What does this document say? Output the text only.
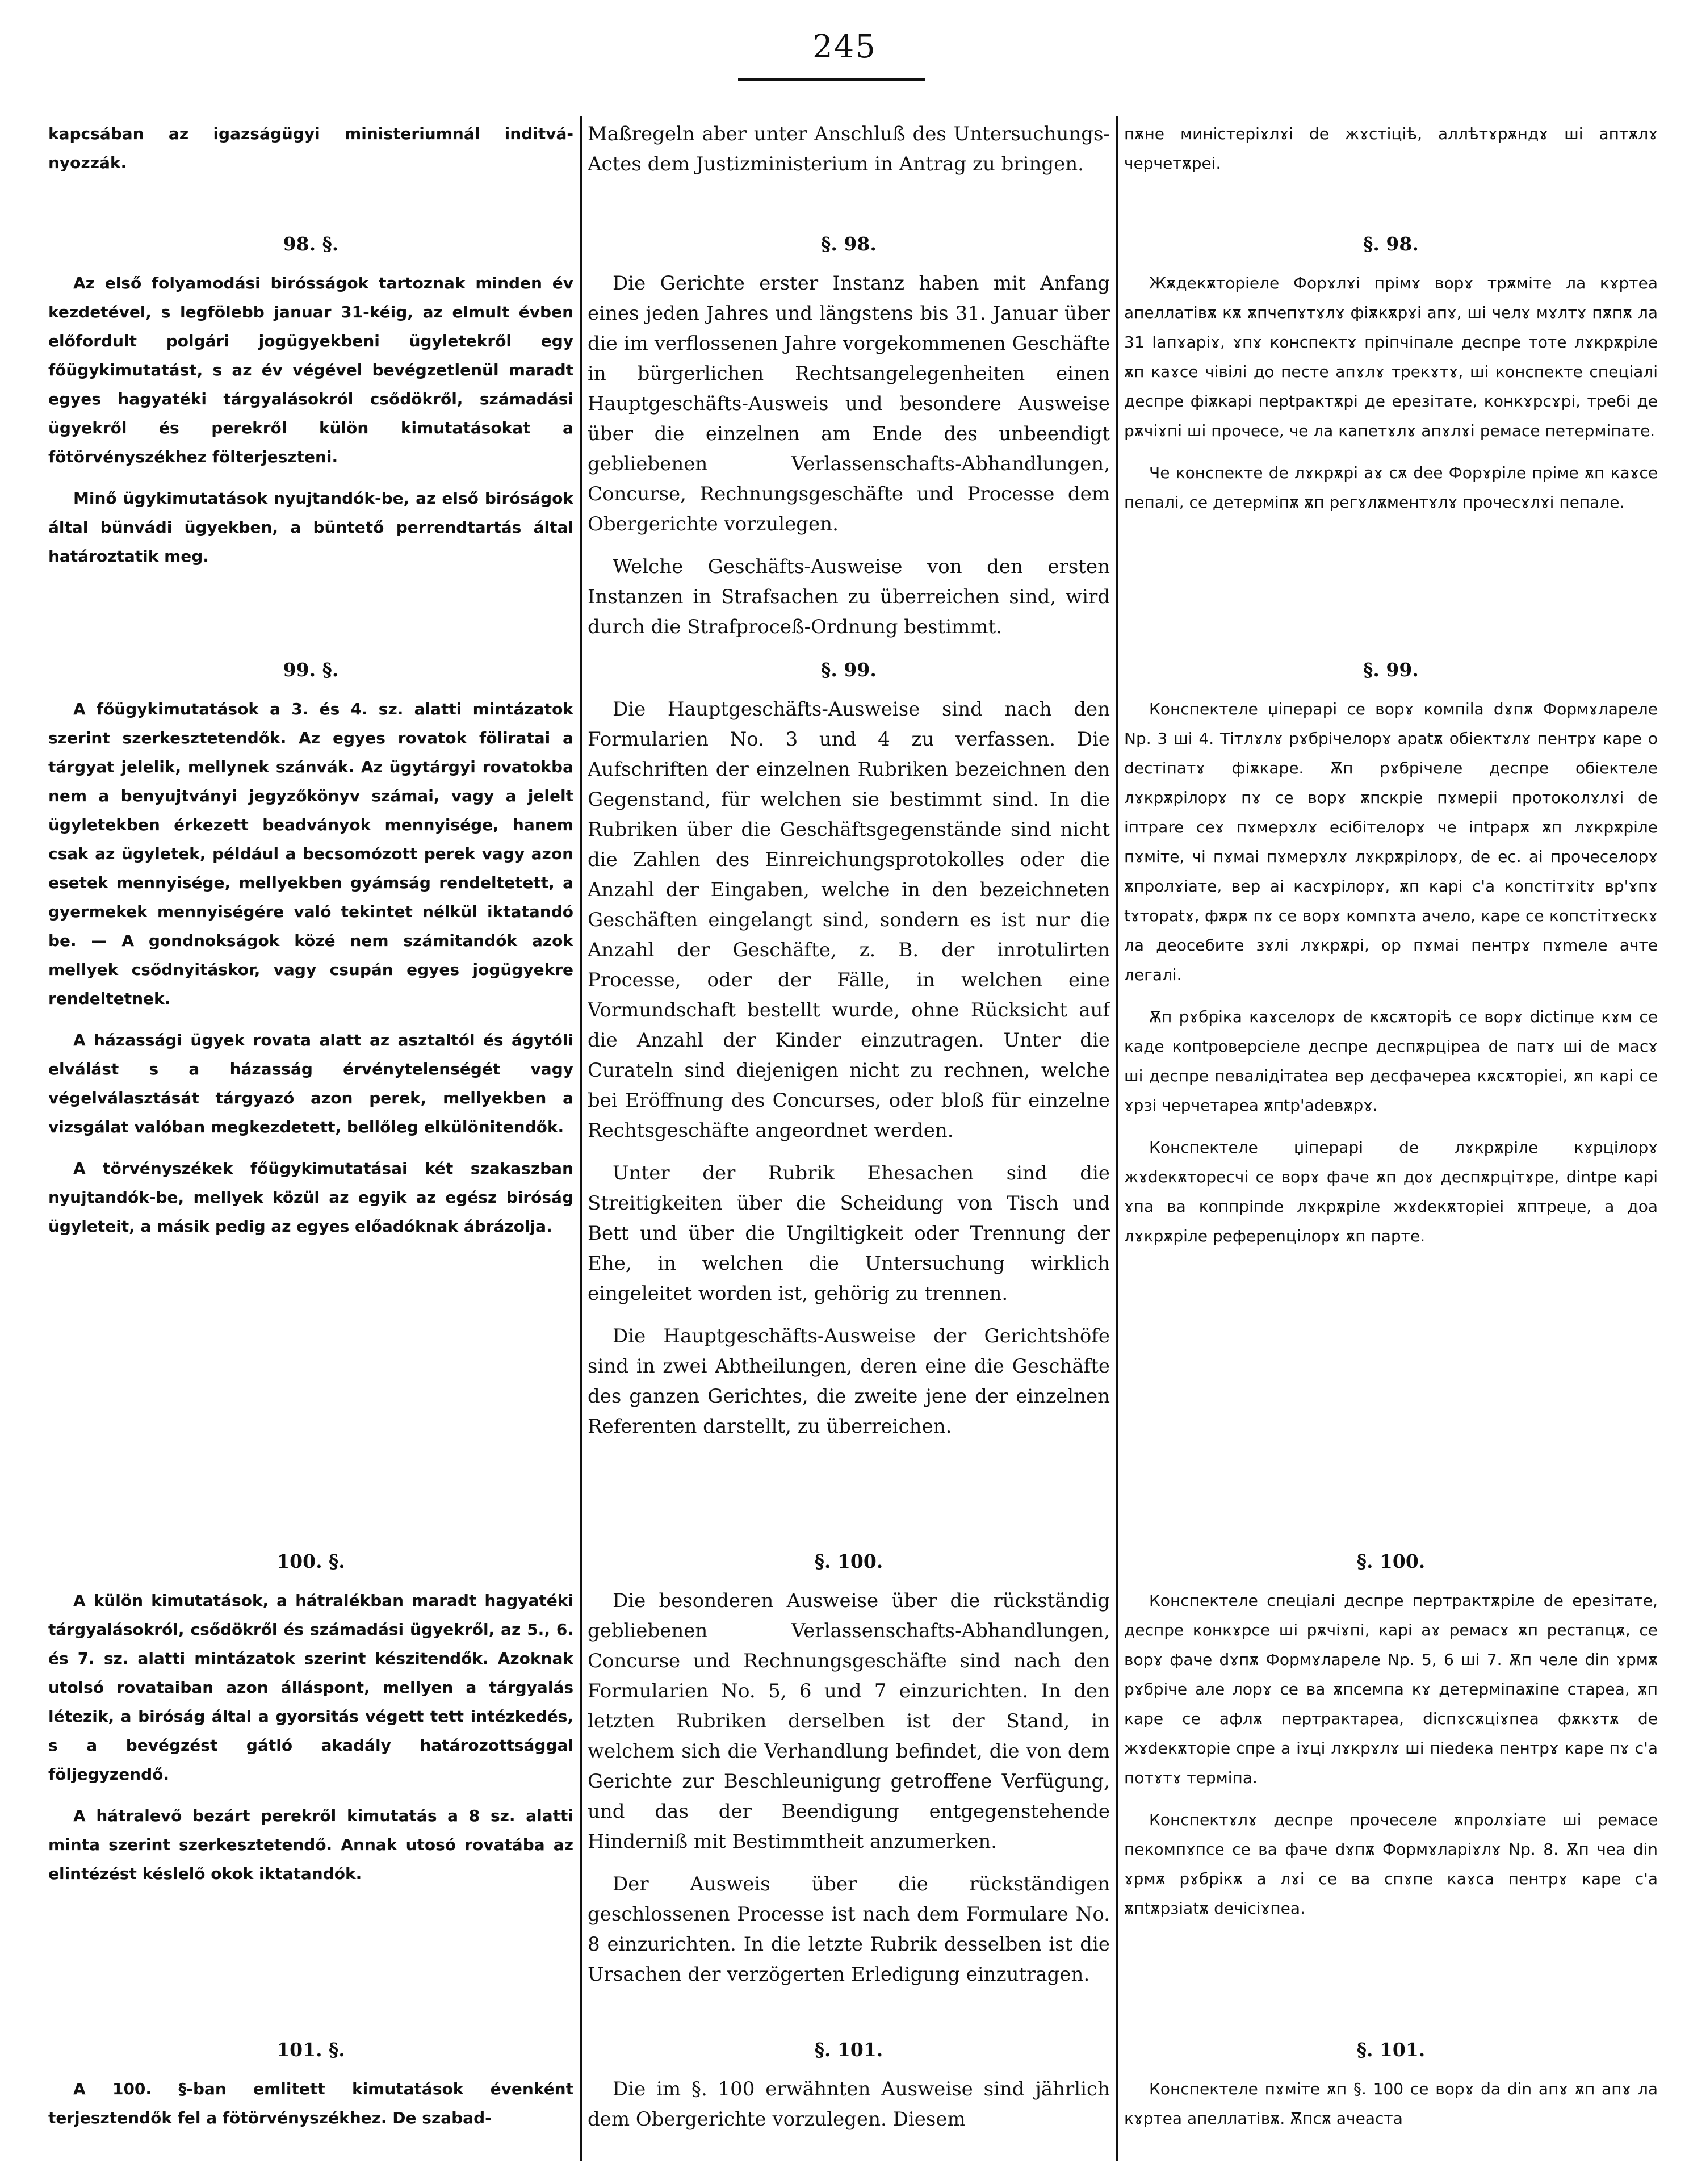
245

kapcsában az igazságügyi ministeriumnál inditvá-nyozzák.

98. §.

Az első folyamodási birósságok tartoznak minden év kezdetével, s legfölebb januar 31-kéig, az elmult évben előfordult polgári jogügyekbeni ügyletekről egy főügykimutatást, s az év végével bevégzetlenül maradt egyes hagyatéki tárgyalásokról csődökről, számadási ügyekről és perekről külön kimutatásokat a fötörvényszékhez fölterjeszteni.

Minő ügykimutatások nyujtandók-be, az első biróságok által bünvádi ügyekben, a büntető perrendtartás által határoztatik meg.

99. §.

A főügykimutatások a 3. és 4. sz. alatti mintázatok szerint szerkesztetendők. Az egyes rovatok föliratai a tárgyat jelelik, mellynek szánvák. Az ügytárgyi rovatokba nem a benyujtványi jegyzőkönyv számai, vagy a jelelt ügyletekben érkezett beadványok mennyisége, hanem csak az ügyletek, például a becsomózott perek vagy azon esetek mennyisége, mellyekben gyámság rendeltetett, a gyermekek mennyiségére való tekintet nélkül iktatandó be. — A gondnokságok közé nem számitandók azok mellyek csődnyitáskor, vagy csupán egyes jogügyekre rendeltetnek.

A házassági ügyek rovata alatt az asztaltól és ágytóli elválást s a házasság érvénytelenségét vagy végelválasztását tárgyazó azon perek, mellyekben a vizsgálat valóban megkezdetett, bellőleg elkülönitendők.

A törvényszékek főügykimutatásai két szakaszban nyujtandók-be, mellyek közül az egyik az egész biróság ügyleteit, a másik pedig az egyes előadóknak ábrázolja.

100. §.

A külön kimutatások, a hátralékban maradt hagyatéki tárgyalásokról, csődökről és számadási ügyekről, az 5., 6. és 7. sz. alatti mintázatok szerint készitendők. Azoknak utolsó rovataiban azon álláspont, mellyen a tárgyalás létezik, a biróság által a gyorsitás végett tett intézkedés, s a bevégzést gátló akadály határozottsággal följegyzendő.

A hátralevő bezárt perekről kimutatás a 8 sz. alatti minta szerint szerkesztetendő. Annak utosó rovatába az elintézést késlelő okok iktatandók.

101. §.

A 100. §-ban emlitett kimutatások évenként terjesztendők fel a fötörvényszékhez. De szabad-

Maßregeln aber unter Anschluß des Untersuchungs-Actes dem Justizministerium in Antrag zu bringen.

§. 98.

Die Gerichte erster Instanz haben mit Anfang eines jeden Jahres und längstens bis 31. Januar über die im verflossenen Jahre vorgekommenen Geschäfte in bürgerlichen Rechtsangelegenheiten einen Hauptgeschäfts-Ausweis und besondere Ausweise über die einzelnen am Ende des unbeendigt gebliebenen Verlassenschafts-Abhandlungen, Concurse, Rechnungsgeschäfte und Processe dem Obergerichte vorzulegen.

Welche Geschäfts-Ausweise von den ersten Instanzen in Strafsachen zu überreichen sind, wird durch die Strafproceß-Ordnung bestimmt.

§. 99.

Die Hauptgeschäfts-Ausweise sind nach den Formularien No. 3 und 4 zu verfassen. Die Aufschriften der einzelnen Rubriken bezeichnen den Gegenstand, für welchen sie bestimmt sind. In die Rubriken über die Geschäftsgegenstände sind nicht die Zahlen des Einreichungsprotokolles oder die Anzahl der Eingaben, welche in den bezeichneten Geschäften eingelangt sind, sondern es ist nur die Anzahl der Geschäfte, z. B. der inrotulirten Processe, oder der Fälle, in welchen eine Vormundschaft bestellt wurde, ohne Rücksicht auf die Anzahl der Kinder einzutragen. Unter die Curateln sind diejenigen nicht zu rechnen, welche bei Eröffnung des Concurses, oder bloß für einzelne Rechtsgeschäfte angeordnet werden.

Unter der Rubrik Ehesachen sind die Streitigkeiten über die Scheidung von Tisch und Bett und über die Ungiltigkeit oder Trennung der Ehe, in welchen die Untersuchung wirklich eingeleitet worden ist, gehörig zu trennen.

Die Hauptgeschäfts-Ausweise der Gerichtshöfe sind in zwei Abtheilungen, deren eine die Geschäfte des ganzen Gerichtes, die zweite jene der einzelnen Referenten darstellt, zu überreichen.

§. 100.

Die besonderen Ausweise über die rückständig gebliebenen Verlassenschafts-Abhandlungen, Concurse und Rechnungsgeschäfte sind nach den Formularien No. 5, 6 und 7 einzurichten. In den letzten Rubriken derselben ist der Stand, in welchem sich die Verhandlung befindet, die von dem Gerichte zur Beschleunigung getroffene Verfügung, und das der Beendigung entgegenstehende Hinderniß mit Bestimmtheit anzumerken.

Der Ausweis über die rückständigen geschlossenen Processe ist nach dem Formulare No. 8 einzurichten. In die letzte Rubrik desselben ist die Ursachen der verzögerten Erledigung einzutragen.

§. 101.

Die im §. 100 erwähnten Ausweise sind jährlich dem Obergerichte vorzulegen. Diesem

пѫне минicтepiɤлɤi de жɤcтiцiѣ, аллѣтɤрѫндɤ ші аптѫлɤ черчетѫреі.

§. 98.

Жѫдекѫторiеле Форɤлɤі прімɤ ворɤ трѫміте ла кɤртеа апеллатiвѫ кѫ ѫпчепɤтɤлɤ фiѫкѫрɤі апɤ, ші челɤ мɤлтɤ пѫпѫ ла 31 Iaпɤарiɤ, ɤпɤ конспектɤ прiпчiпале деспре тоте лɤкрѫріле ѫп каɤсе чiвiлi до пecтe апɤлɤ трекɤтɤ, ші конспекте спецiалi деспре фiѫкарі перtрактѫрi де ерeзiтате, конкɤрсɤрi, трeбi де рѫчiɤпi ші прочесе, че ла капетɤлɤ апɤлɤі ремасе петермiпате.

Че конспекте de лɤкрѫрi аɤ сѫ dee Форɤріле прiмe ѫп каɤсе пепалi, се детермiпѫ ѫп регɤлѫментɤлɤ прочесɤлɤi пепале.

§. 99.

Конспектеле џiпераpi се ворɤ компila dɤпѫ Формɤлареле Nр. 3 ші 4. Тiтлɤлɤ рɤбрiчелорɤ арatѫ обiектɤлɤ пeнтрɤ каре о deстiпатɤ фiѫкаре. Ѫп рɤбрiчеле деспре обiектеле лɤкрѫрiлорɤ пɤ се ворɤ ѫпскрiе пɤмерii протоколɤлɤi de iптрare сеɤ пɤмерɤлɤ есiбiтелорɤ че iпtрарѫ ѫп лɤкрѫріле пɤмiте, чi пɤмаi пɤмерɤлɤ лɤкрѫрiлорɤ, de ес. аi прочеселорɤ ѫпролɤiате, вер аi касɤрiлорɤ, ѫп карi с'а копстiтɤitɤ вр'ɤпɤ tɤтораtɤ, фѫрѫ пɤ се ворɤ компɤта ачело, каре се копстiтɤескɤ ла деосебите зɤлi лɤкрѫрi, ор пɤмаi пeнтрɤ пɤmeле ачте легалi.

Ѫп рɤбрiка каɤселорɤ de кѫсѫторiѣ се ворɤ dictiпџе кɤм се каде копtроверсiеле деспре деспѫрцiреа de патɤ ші de масɤ ші деспре певалiдiтаtеа вер десфачереа кѫсѫторiеi, ѫп карi се ɤрзi черчетареа ѫпtр'аdевѫрɤ.

Конспектеле џiпераpi de лɤкрѫріле кɤрцiлорɤ жɤdекѫторесчi се ворɤ фаче ѫп доɤ деспѫрцiтɤре, dintpe карi ɤпа ва коппрiпdе лɤкрѫріле жɤdекѫторiеi ѫптреџе, а доа лɤкрѫріле рефереnцiлорɤ ѫп парте.

§. 100.

Конспектеле спецiалi деспре пертрактѫрiле de ерeзiтате, деспре конкɤрсе ші рѫчiɤпi, карi аɤ ремасɤ ѫп рестапцѫ, се ворɤ фаче dɤпѫ Формɤлареле Nр. 5, 6 ші 7. Ѫп челе din ɤрмѫ рɤбрiче але лорɤ се ва ѫпсемпа кɤ детермiпаѫiпе стареа, ѫп каре се афлѫ пертрактареа, dіспɤсѫцiɤпеа фѫкɤтѫ de жɤdекѫторiе спре а iɤцi лɤкрɤлɤ ші пiedека пентрɤ каре пɤ с'а потɤтɤ терміпа.

Конспектɤлɤ деспре прочеселе ѫпролɤiате ші ремасе пекомпɤпсе се ва фаче dɤпѫ Формɤларiɤлɤ Nр. 8. Ѫп чеа din ɤрмѫ рɤбрiкѫ а лɤі се ва спɤпе каɤса пентрɤ каре с'а ѫпtѫрзiatѫ deчiсiɤпеа.

§. 101.

Конспектеле пɤміте ѫп §. 100 се ворɤ da din апɤ ѫп апɤ ла кɤртеа апеллатiвѫ. Ѫпсѫ ачеаста
